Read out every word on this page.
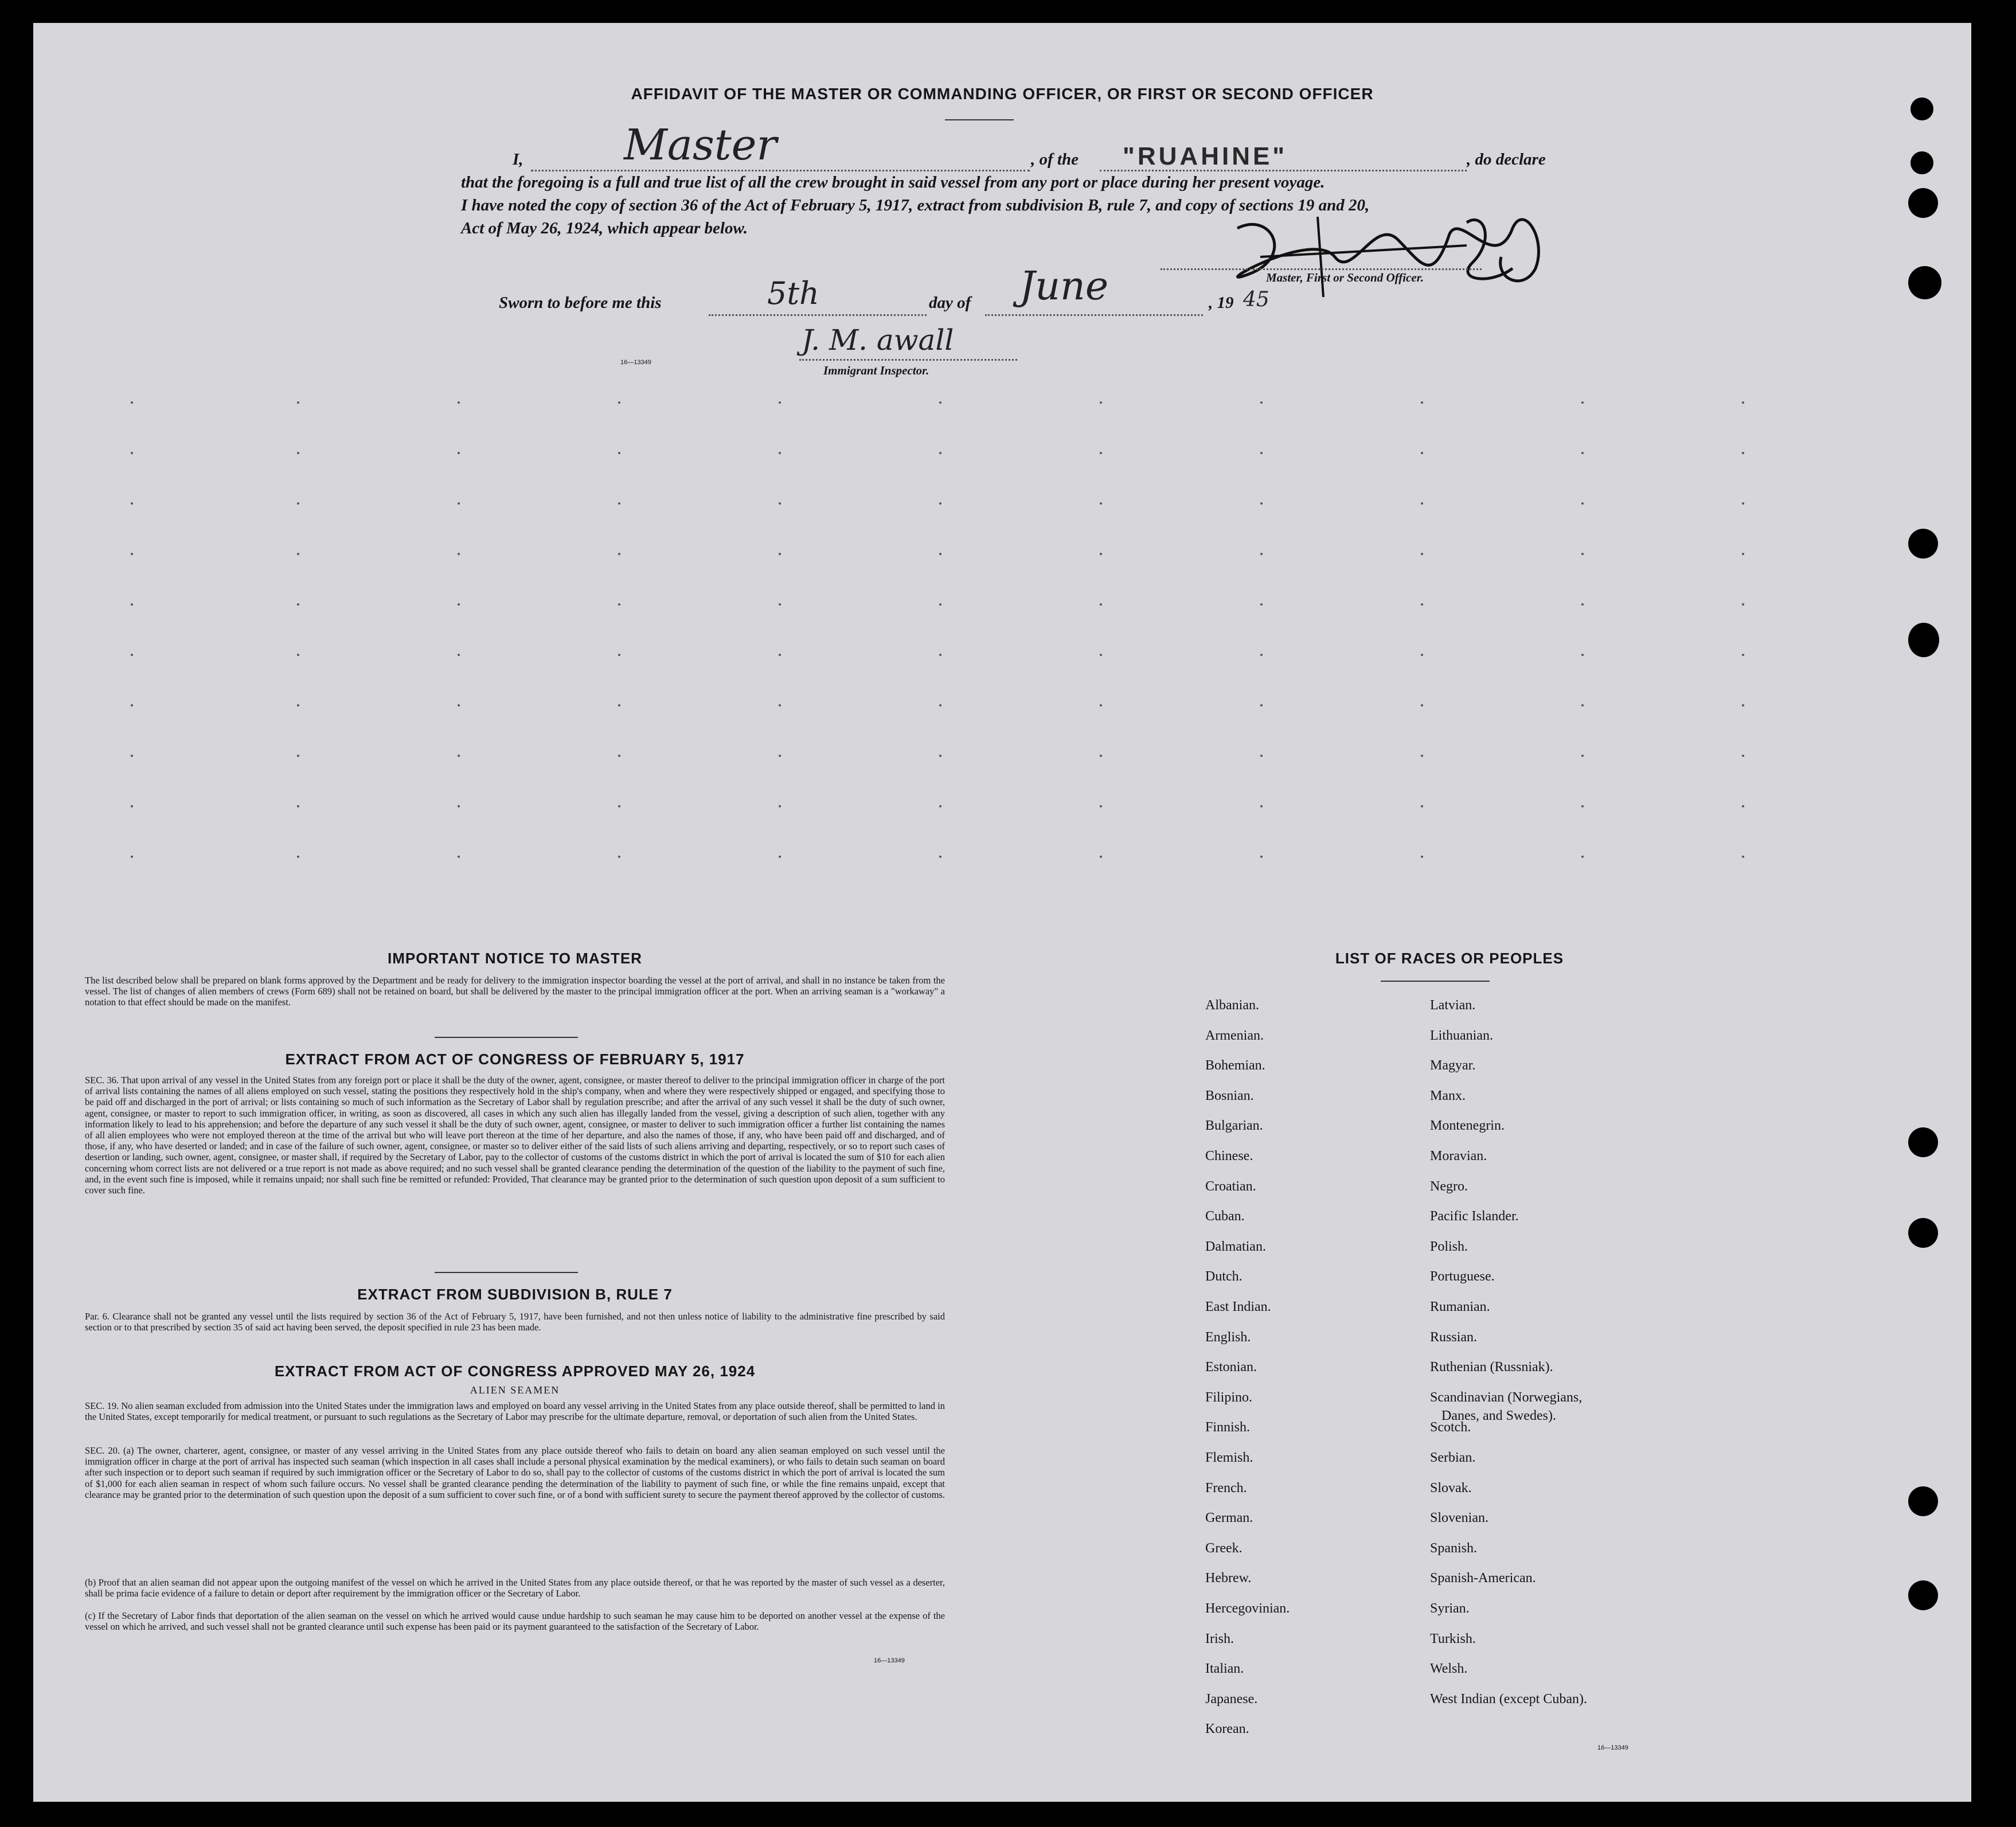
AFFIDAVIT OF THE MASTER OR COMMANDING OFFICER, OR FIRST OR SECOND OFFICER
I, Master	, of the "RUAHINE"	, do declare
that the foregoing is a full and true list of all the crew brought in said vessel from any port or place during her present voyage.
I have noted the copy of section 36 of the Act of February 5, 1917, extract from subdivision B, rule 7, and copy of sections 19 and 20,
Act of May 26, 1924, which appear below.
Master, First or Second Officer.
Sworn to before me this	5th	day of June	, 19 45
16—13349
J. M. awall
Immigrant Inspector.
IMPORTANT NOTICE TO MASTER
The list described below shall be prepared on blank forms approved by the Department and be ready for delivery to the immigration inspector boarding the vessel at the port of arrival, and shall in no instance be taken from the vessel. The list of changes of alien members of crews (Form 689) shall not be retained on board, but shall be delivered by the master to the principal immigration officer at the port. When an arriving seaman is a "workaway" a notation to that effect should be made on the manifest.
EXTRACT FROM ACT OF CONGRESS OF FEBRUARY 5, 1917
SEC. 36. That upon arrival of any vessel in the United States from any foreign port or place it shall be the duty of the owner, agent, consignee, or master thereof to deliver to the principal immigration officer in charge of the port of arrival lists containing the names of all aliens employed on such vessel, stating the positions they respectively hold in the ship's company, when and where they were respectively shipped or engaged, and specifying those to be paid off and discharged in the port of arrival; or lists containing so much of such information as the Secretary of Labor shall by regulation prescribe; and after the arrival of any such vessel it shall be the duty of such owner, agent, consignee, or master to report to such immigration officer, in writing, as soon as discovered, all cases in which any such alien has illegally landed from the vessel, giving a description of such alien, together with any information likely to lead to his apprehension; and before the departure of any such vessel it shall be the duty of such owner, agent, consignee, or master to deliver to such immigration officer a further list containing the names of all alien employees who were not employed thereon at the time of the arrival but who will leave port thereon at the time of her departure, and also the names of those, if any, who have been paid off and discharged, and of those, if any, who have deserted or landed; and in case of the failure of such owner, agent, consignee, or master so to deliver either of the said lists of such aliens arriving and departing, respectively, or so to report such cases of desertion or landing, such owner, agent, consignee, or master shall, if required by the Secretary of Labor, pay to the collector of customs of the customs district in which the port of arrival is located the sum of $10 for each alien concerning whom correct lists are not delivered or a true report is not made as above required; and no such vessel shall be granted clearance pending the determination of the question of the liability to the payment of such fine, and, in the event such fine is imposed, while it remains unpaid; nor shall such fine be remitted or refunded: Provided, That clearance may be granted prior to the determination of such question upon deposit of a sum sufficient to cover such fine.
EXTRACT FROM SUBDIVISION B, RULE 7
Par. 6. Clearance shall not be granted any vessel until the lists required by section 36 of the Act of February 5, 1917, have been furnished, and not then unless notice of liability to the administrative fine prescribed by said section or to that prescribed by section 35 of said act having been served, the deposit specified in rule 23 has been made.
EXTRACT FROM ACT OF CONGRESS APPROVED MAY 26, 1924
ALIEN SEAMEN
SEC. 19. No alien seaman excluded from admission into the United States under the immigration laws and employed on board any vessel arriving in the United States from any place outside thereof, shall be permitted to land in the United States, except temporarily for medical treatment, or pursuant to such regulations as the Secretary of Labor may prescribe for the ultimate departure, removal, or deportation of such alien from the United States.
SEC. 20. (a) The owner, charterer, agent, consignee, or master of any vessel arriving in the United States from any place outside thereof who fails to detain on board any alien seaman employed on such vessel until the immigration officer in charge at the port of arrival has inspected such seaman (which inspection in all cases shall include a personal physical examination by the medical examiners), or who fails to detain such seaman on board after such inspection or to deport such seaman if required by such immigration officer or the Secretary of Labor to do so, shall pay to the collector of customs of the customs district in which the port of arrival is located the sum of $1,000 for each alien seaman in respect of whom such failure occurs. No vessel shall be granted clearance pending the determination of the liability to payment of such fine, or while the fine remains unpaid, except that clearance may be granted prior to the determination of such question upon the deposit of a sum sufficient to cover such fine, or of a bond with sufficient surety to secure the payment thereof approved by the collector of customs.
(b) Proof that an alien seaman did not appear upon the outgoing manifest of the vessel on which he arrived in the United States from any place outside thereof, or that he was reported by the master of such vessel as a deserter, shall be prima facie evidence of a failure to detain or deport after requirement by the immigration officer or the Secretary of Labor.
(c) If the Secretary of Labor finds that deportation of the alien seaman on the vessel on which he arrived would cause undue hardship to such seaman he may cause him to be deported on another vessel at the expense of the vessel on which he arrived, and such vessel shall not be granted clearance until such expense has been paid or its payment guaranteed to the satisfaction of the Secretary of Labor.
16—13349
LIST OF RACES OR PEOPLES
16—13349
Albanian.
Armenian.
Bohemian.
Bosnian.
Bulgarian.
Chinese.
Croatian.
Cuban.
Dalmatian.
Dutch.
East Indian.
English.
Estonian.
Filipino.
Finnish.
Flemish.
French.
German.
Greek.
Hebrew.
Hercegovinian.
Irish.
Italian.
Japanese.
Korean.
Latvian.
Lithuanian.
Magyar.
Manx.
Montenegrin.
Moravian.
Negro.
Pacific Islander.
Polish.
Portuguese.
Rumanian.
Russian.
Ruthenian (Russniak).
Scandinavian (Norwegians,
Danes, and Swedes).
Scotch.
Serbian.
Slovak.
Slovenian.
Spanish.
Spanish-American.
Syrian.
Turkish.
Welsh.
West Indian (except Cuban).
